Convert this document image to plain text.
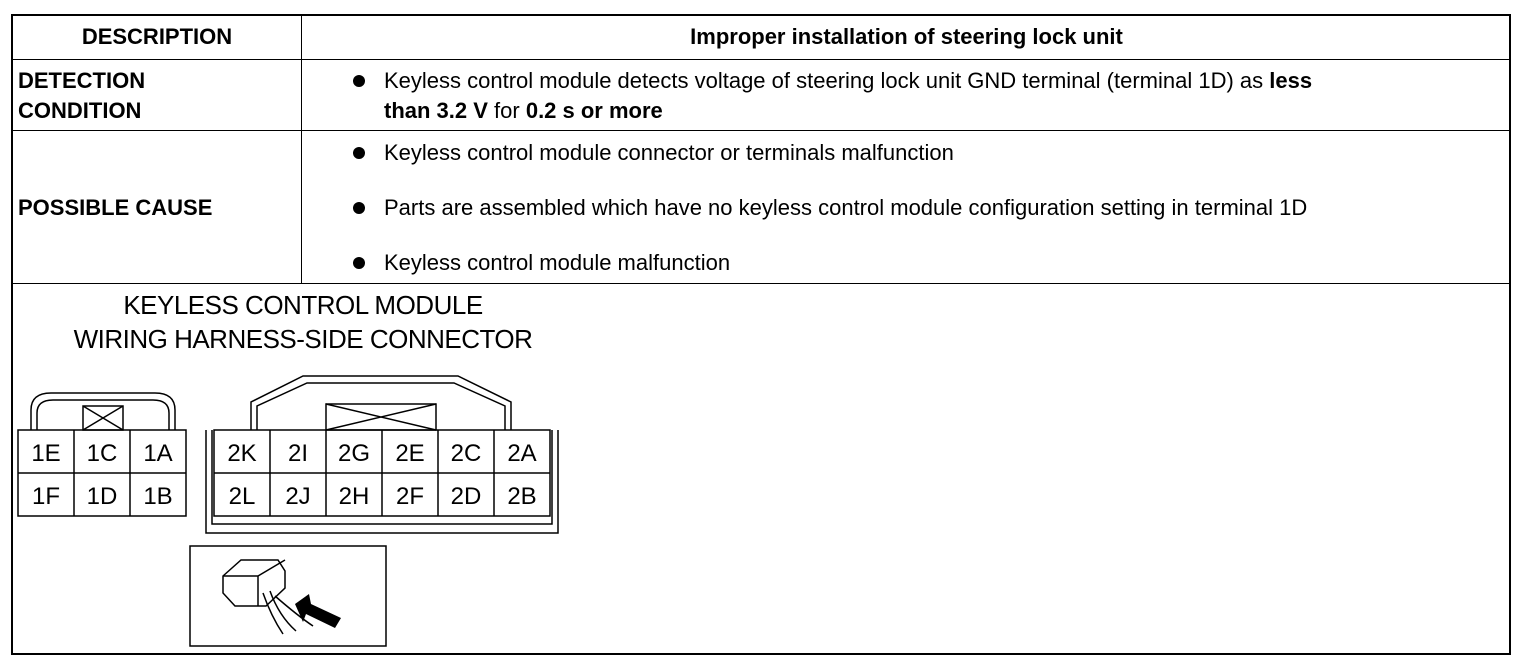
DESCRIPTION	Improper installation of steering lock unit
DETECTION
CONDITION
Keyless control module detects voltage of steering lock unit GND terminal (terminal 1D) as less
than 3.2 V for 0.2 s or more
POSSIBLE CAUSE
Keyless control module connector or terminals malfunction
Parts are assembled which have no keyless control module configuration setting in terminal 1D
Keyless control module malfunction
KEYLESS CONTROL MODULE
WIRING HARNESS-SIDE CONNECTOR
1E 1C 1A
1F 1D 1B
2K 2I 2G 2E 2C 2A
2L 2J 2H 2F 2D 2B
